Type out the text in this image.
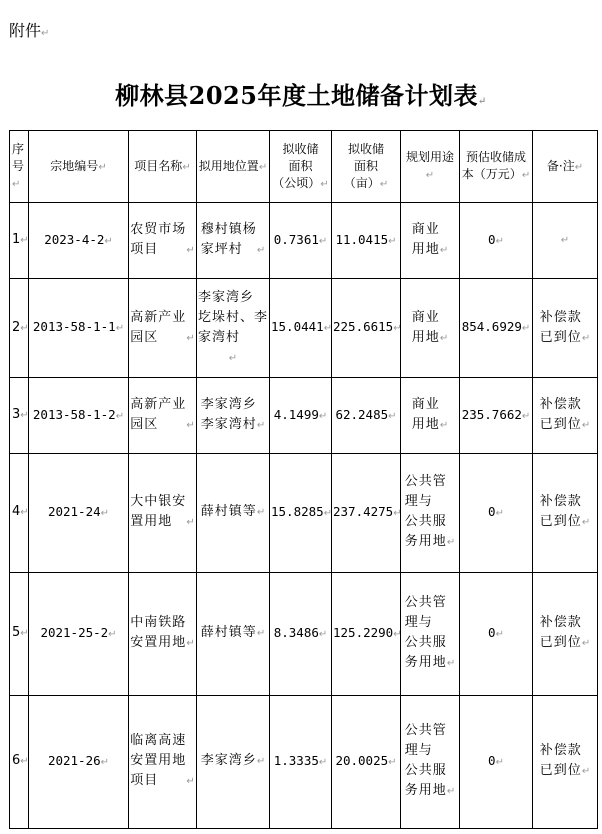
附件↵
柳林县2025年度土地储备计划表↵
序
号↵	宗地编号↵	项目名称↵	拟用地位置↵	拟收储
面积
（公顷）↵	拟收储
面积
（亩）↵	规划用途↵	预估收储成
本（万元）↵	备·注↵
1↵	2023-4-2↵	农贸市场
项目 ↵	穆村镇杨
家坪村 ↵	0.7361↵	11.0415↵	商业
用地↵	0↵	↵
2↵	2013-58-1-1↵	高新产业
园区 ↵	李家湾乡
圪垛村、李
家湾村↵	15.0441↵	225.6615↵	商业
用地↵	854.6929↵	补偿款
已到位↵
3↵	2013-58-1-2↵	高新产业
园区 ↵	李家湾乡
李家湾村↵	4.1499↵	62.2485↵	商业
用地↵	235.7662↵	补偿款
已到位↵
4↵	2021-24↵	大中银安
置用地 ↵	薛村镇等↵	15.8285↵	237.4275↵	公共管
理与
公共服
务用地↵	0↵	补偿款
已到位↵
5↵	2021-25-2↵	中南铁路
安置用地↵	薛村镇等↵	8.3486↵	125.2290↵	公共管
理与
公共服
务用地↵	0↵	补偿款
已到位↵
6↵	2021-26↵	临离高速
安置用地
项目 ↵	李家湾乡↵	1.3335↵	20.0025↵	公共管
理与
公共服
务用地↵	0↵	补偿款
已到位↵
